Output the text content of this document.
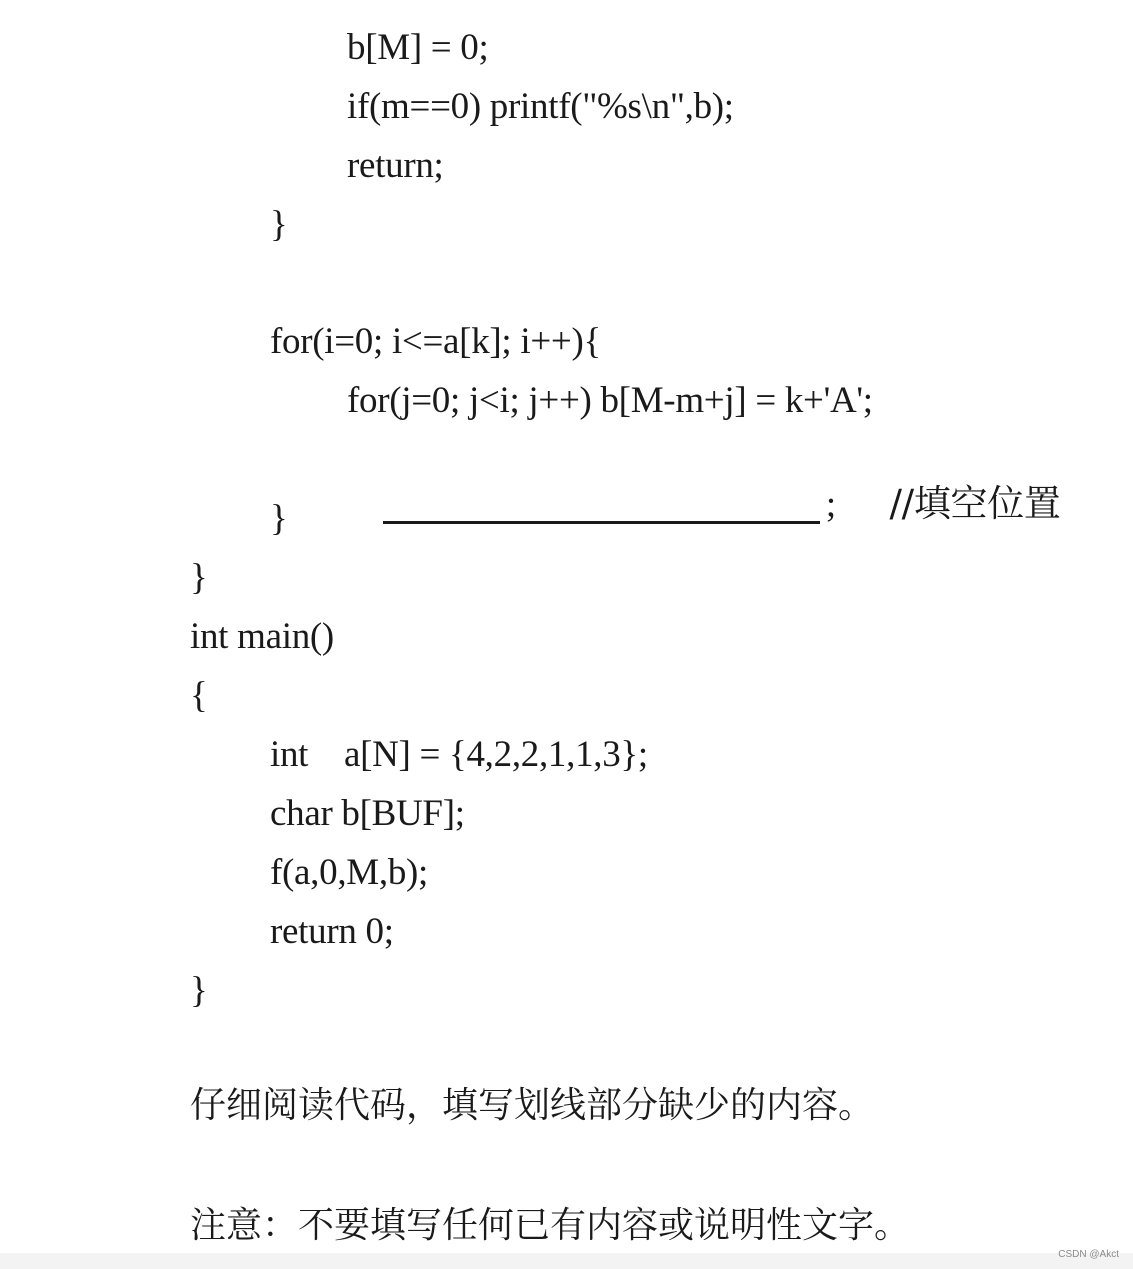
b[M] = 0;
if(m==0) printf("%s\n",b);
return;
}
for(i=0; i<=a[k]; i++){
for(j=0; j<i; j++) b[M-m+j] = k+'A';

; //填空位置

}
}
int main()
{
int    a[N] = {4,2,2,1,1,3};
char b[BUF];
f(a,0,M,b);
return 0;
}
仔细阅读代码，填写划线部分缺少的内容。
注意：不要填写任何已有内容或说明性文字。
CSDN @Akct
